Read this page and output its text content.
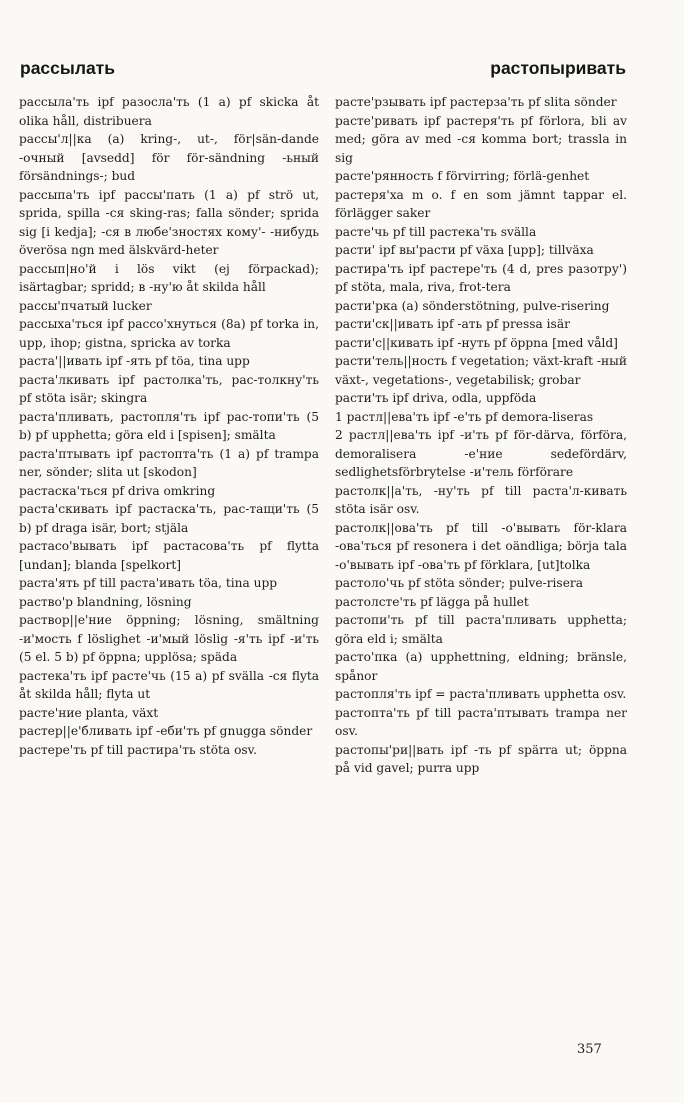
рассылать	растопыривать

рассыла'ть ipf разосла'ть (1 a) pf skicka åt olika håll, distribuera

рассы'л||ка (a) kring-, ut-, för|sän-dande -очный [avsedd] för för-sändning -ьный försändnings-; bud

рассыпа'ть ipf рассы'пать (1 a) pf strö ut, sprida, spilla -ся sking-ras; falla sönder; sprida sig [i kedja]; -ся в любе'зностях кому'- -нибудь överösa ngn med älskvärd-heter

рассып|но'й i lös vikt (ej förpackad); isärtagbar; spridd; в -ну'ю åt skilda håll

рассы'пчатый lucker

рассыха'ться ipf рассо'хнуться (8a) pf torka in, upp, ihop; gistna, spricka av torka

раста'||ивать ipf -ять pf töa, tina upp

раста'лкивать ipf растолка'ть, рас-толкну'ть pf stöta isär; skingra

раста'пливать, растопля'ть ipf рас-топи'ть (5 b) pf upphetta; göra eld i [spisen]; smälta

раста'птывать ipf растопта'ть (1 a) pf trampa ner, sönder; slita ut [skodon]

растаска'ться pf driva omkring

раста'скивать ipf растаска'ть, рас-тащи'ть (5 b) pf draga isär, bort; stjäla

растасо'вывать ipf растасова'ть pf flytta [undan]; blanda [spelkort]

раста'ять pf till раста'ивать töa, tina upp

раство'р blandning, lösning

раствор||е'ние öppning; lösning, smältning -и'мость f löslighet -и'мый löslig -я'ть ipf -и'ть (5 el. 5 b) pf öppna; upplösa; späda

растека'ть ipf расте'чь (15 a) pf svälla -ся flyta åt skilda håll; flyta ut

расте'ние planta, växt

растер||е'бливать ipf -еби'ть pf gnugga sönder

растере'ть pf till растира'ть stöta osv.

расте'рзывать ipf растерза'ть pf slita sönder

расте'ривать ipf растеря'ть pf förlora, bli av med; göra av med -ся komma bort; trassla in sig

расте'рянность f förvirring; förlä-genhet

растеря'ха m o. f en som jämnt tappar el. förlägger saker

расте'чь pf till растека'ть svälla

расти' ipf вы'расти pf växa [upp]; tillväxa

растира'ть ipf растере'ть (4 d, pres разотру') pf stöta, mala, riva, frot-tera

расти'рка (a) sönderstötning, pulve-risering

расти'ск||ивать ipf -ать pf pressa isär

расти'с||кивать ipf -нуть pf öppna [med våld]

расти'тель||ность f vegetation; växt-kraft -ный växt-, vegetations-, vegetabilisk; grobar

расти'ть ipf driva, odla, uppföda

1 растл||ева'ть ipf -е'ть pf demora-liseras

2 растл||ева'ть ipf -и'ть pf för-därva, förföra, demoralisera -е'ние sedefördärv, sedlighetsförbrytelse -и'тель förförare

растолк||а'ть, -ну'ть pf till раста'л-кивать stöta isär osv.

растолк||ова'ть pf till -о'вывать för-klara -ова'ться pf resonera i det oändliga; börja tala -о'вывать ipf -ова'ть pf förklara, [ut]tolka

растоло'чь pf stöta sönder; pulve-risera

растолсте'ть pf lägga på hullet

растопи'ть pf till раста'пливать upphetta; göra eld i; smälta

расто'пка (a) upphettning, eldning; bränsle, spånor

растопля'ть ipf = раста'пливать upphetta osv.

растопта'ть pf till раста'птывать trampa ner osv.

растопы'ри||вать ipf -ть pf spärra ut; öppna på vid gavel; purra upp

357
